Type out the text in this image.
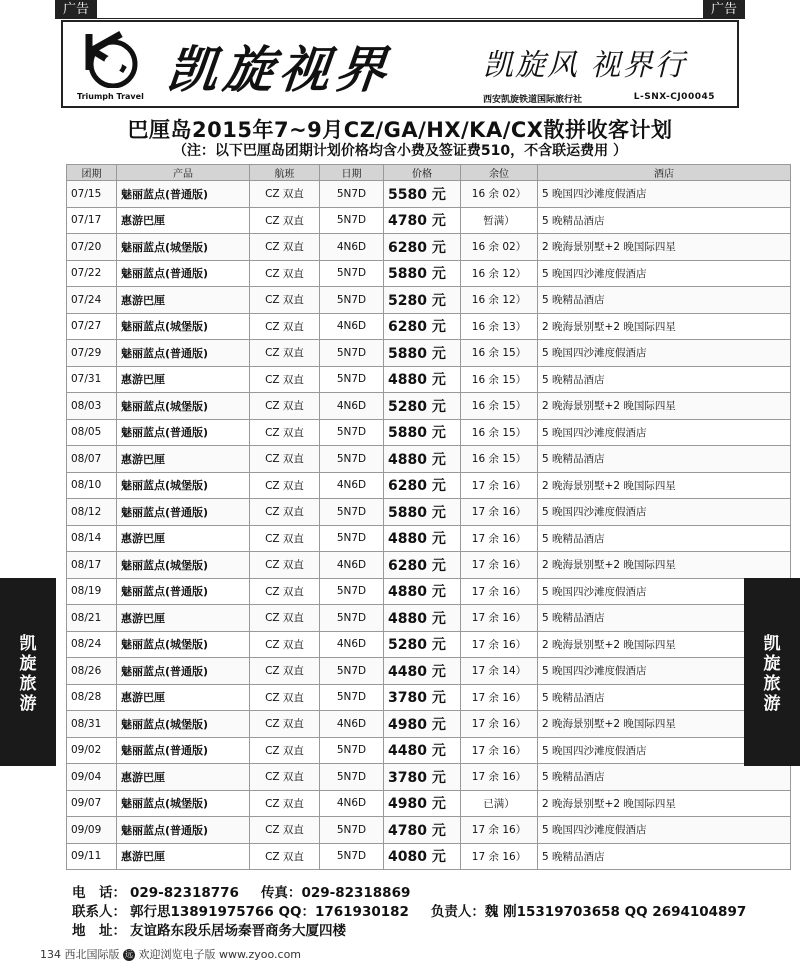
广告	广告
Triumph Travel 凯旋视界	凯旋风 视界行
西安凯旋铁道国际旅行社	L-SNX-CJ00045
巴厘岛2015年7~9月CZ/GA/HX/KA/CX散拼收客计划
（注：以下巴厘岛团期计划价格均含小费及签证费510，不含联运费用 ）
团期	产品	航班	日期	价格	余位	酒店
07/15	魅丽蓝点(普通版)	CZ 双直	5N7D	5580 元	16 余 02）	5 晚国四沙滩度假酒店
07/17	惠游巴厘	CZ 双直	5N7D	4780 元	暂满）	5 晚精品酒店
07/20	魅丽蓝点(城堡版)	CZ 双直	4N6D	6280 元	16 余 02）	2 晚海景别墅+2 晚国际四星
07/22	魅丽蓝点(普通版)	CZ 双直	5N7D	5880 元	16 余 12）	5 晚国四沙滩度假酒店
07/24	惠游巴厘	CZ 双直	5N7D	5280 元	16 余 12）	5 晚精品酒店
07/27	魅丽蓝点(城堡版)	CZ 双直	4N6D	6280 元	16 余 13）	2 晚海景别墅+2 晚国际四星
07/29	魅丽蓝点(普通版)	CZ 双直	5N7D	5880 元	16 余 15）	5 晚国四沙滩度假酒店
07/31	惠游巴厘	CZ 双直	5N7D	4880 元	16 余 15）	5 晚精品酒店
08/03	魅丽蓝点(城堡版)	CZ 双直	4N6D	5280 元	16 余 15）	2 晚海景别墅+2 晚国际四星
08/05	魅丽蓝点(普通版)	CZ 双直	5N7D	5880 元	16 余 15）	5 晚国四沙滩度假酒店
08/07	惠游巴厘	CZ 双直	5N7D	4880 元	16 余 15）	5 晚精品酒店
08/10	魅丽蓝点(城堡版)	CZ 双直	4N6D	6280 元	17 余 16）	2 晚海景别墅+2 晚国际四星
08/12	魅丽蓝点(普通版)	CZ 双直	5N7D	5880 元	17 余 16）	5 晚国四沙滩度假酒店
08/14	惠游巴厘	CZ 双直	5N7D	4880 元	17 余 16）	5 晚精品酒店
08/17	魅丽蓝点(城堡版)	CZ 双直	4N6D	6280 元	17 余 16）	2 晚海景别墅+2 晚国际四星
08/19	魅丽蓝点(普通版)	CZ 双直	5N7D	4880 元	17 余 16）	5 晚国四沙滩度假酒店
08/21	惠游巴厘	CZ 双直	5N7D	4880 元	17 余 16）	5 晚精品酒店
08/24	魅丽蓝点(城堡版)	CZ 双直	4N6D	5280 元	17 余 16）	2 晚海景别墅+2 晚国际四星
08/26	魅丽蓝点(普通版)	CZ 双直	5N7D	4480 元	17 余 14）	5 晚国四沙滩度假酒店
08/28	惠游巴厘	CZ 双直	5N7D	3780 元	17 余 16）	5 晚精品酒店
08/31	魅丽蓝点(城堡版)	CZ 双直	4N6D	4980 元	17 余 16）	2 晚海景别墅+2 晚国际四星
09/02	魅丽蓝点(普通版)	CZ 双直	5N7D	4480 元	17 余 16）	5 晚国四沙滩度假酒店
09/04	惠游巴厘	CZ 双直	5N7D	3780 元	17 余 16）	5 晚精品酒店
09/07	魅丽蓝点(城堡版)	CZ 双直	4N6D	4980 元	已满）	2 晚海景别墅+2 晚国际四星
09/09	魅丽蓝点(普通版)	CZ 双直	5N7D	4780 元	17 余 16）	5 晚国四沙滩度假酒店
09/11	惠游巴厘	CZ 双直	5N7D	4080 元	17 余 16）	5 晚精品酒店
凯旋旅游
凯旋旅游
电　话： 029-82318776 传真：029-82318869
联系人： 郭行思13891975766 QQ：1761930182 负责人：魏 刚15319703658 QQ 2694104897
地　址： 友谊路东段乐居场秦晋商务大厦四楼
134 西北国际版 远 欢迎浏览电子版 www.zyoo.com
